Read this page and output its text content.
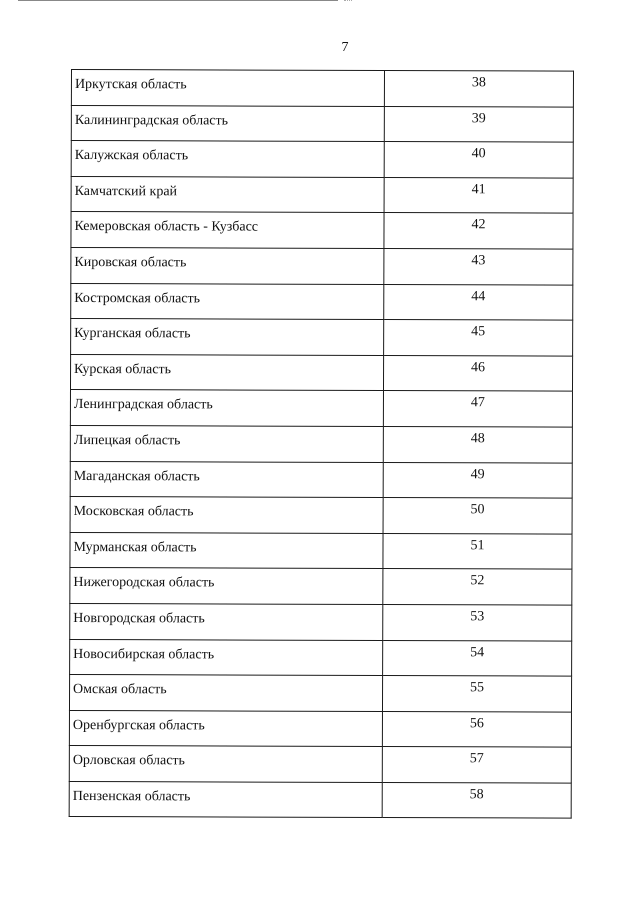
7
Иркутская область	38
Калининградская область	39
Калужская область	40
Камчатский край	41
Кемеровская область - Кузбасс	42
Кировская область	43
Костромская область	44
Курганская область	45
Курская область	46
Ленинградская область	47
Липецкая область	48
Магаданская область	49
Московская область	50
Мурманская область	51
Нижегородская область	52
Новгородская область	53
Новосибирская область	54
Омская область	55
Оренбургская область	56
Орловская область	57
Пензенская область	58
